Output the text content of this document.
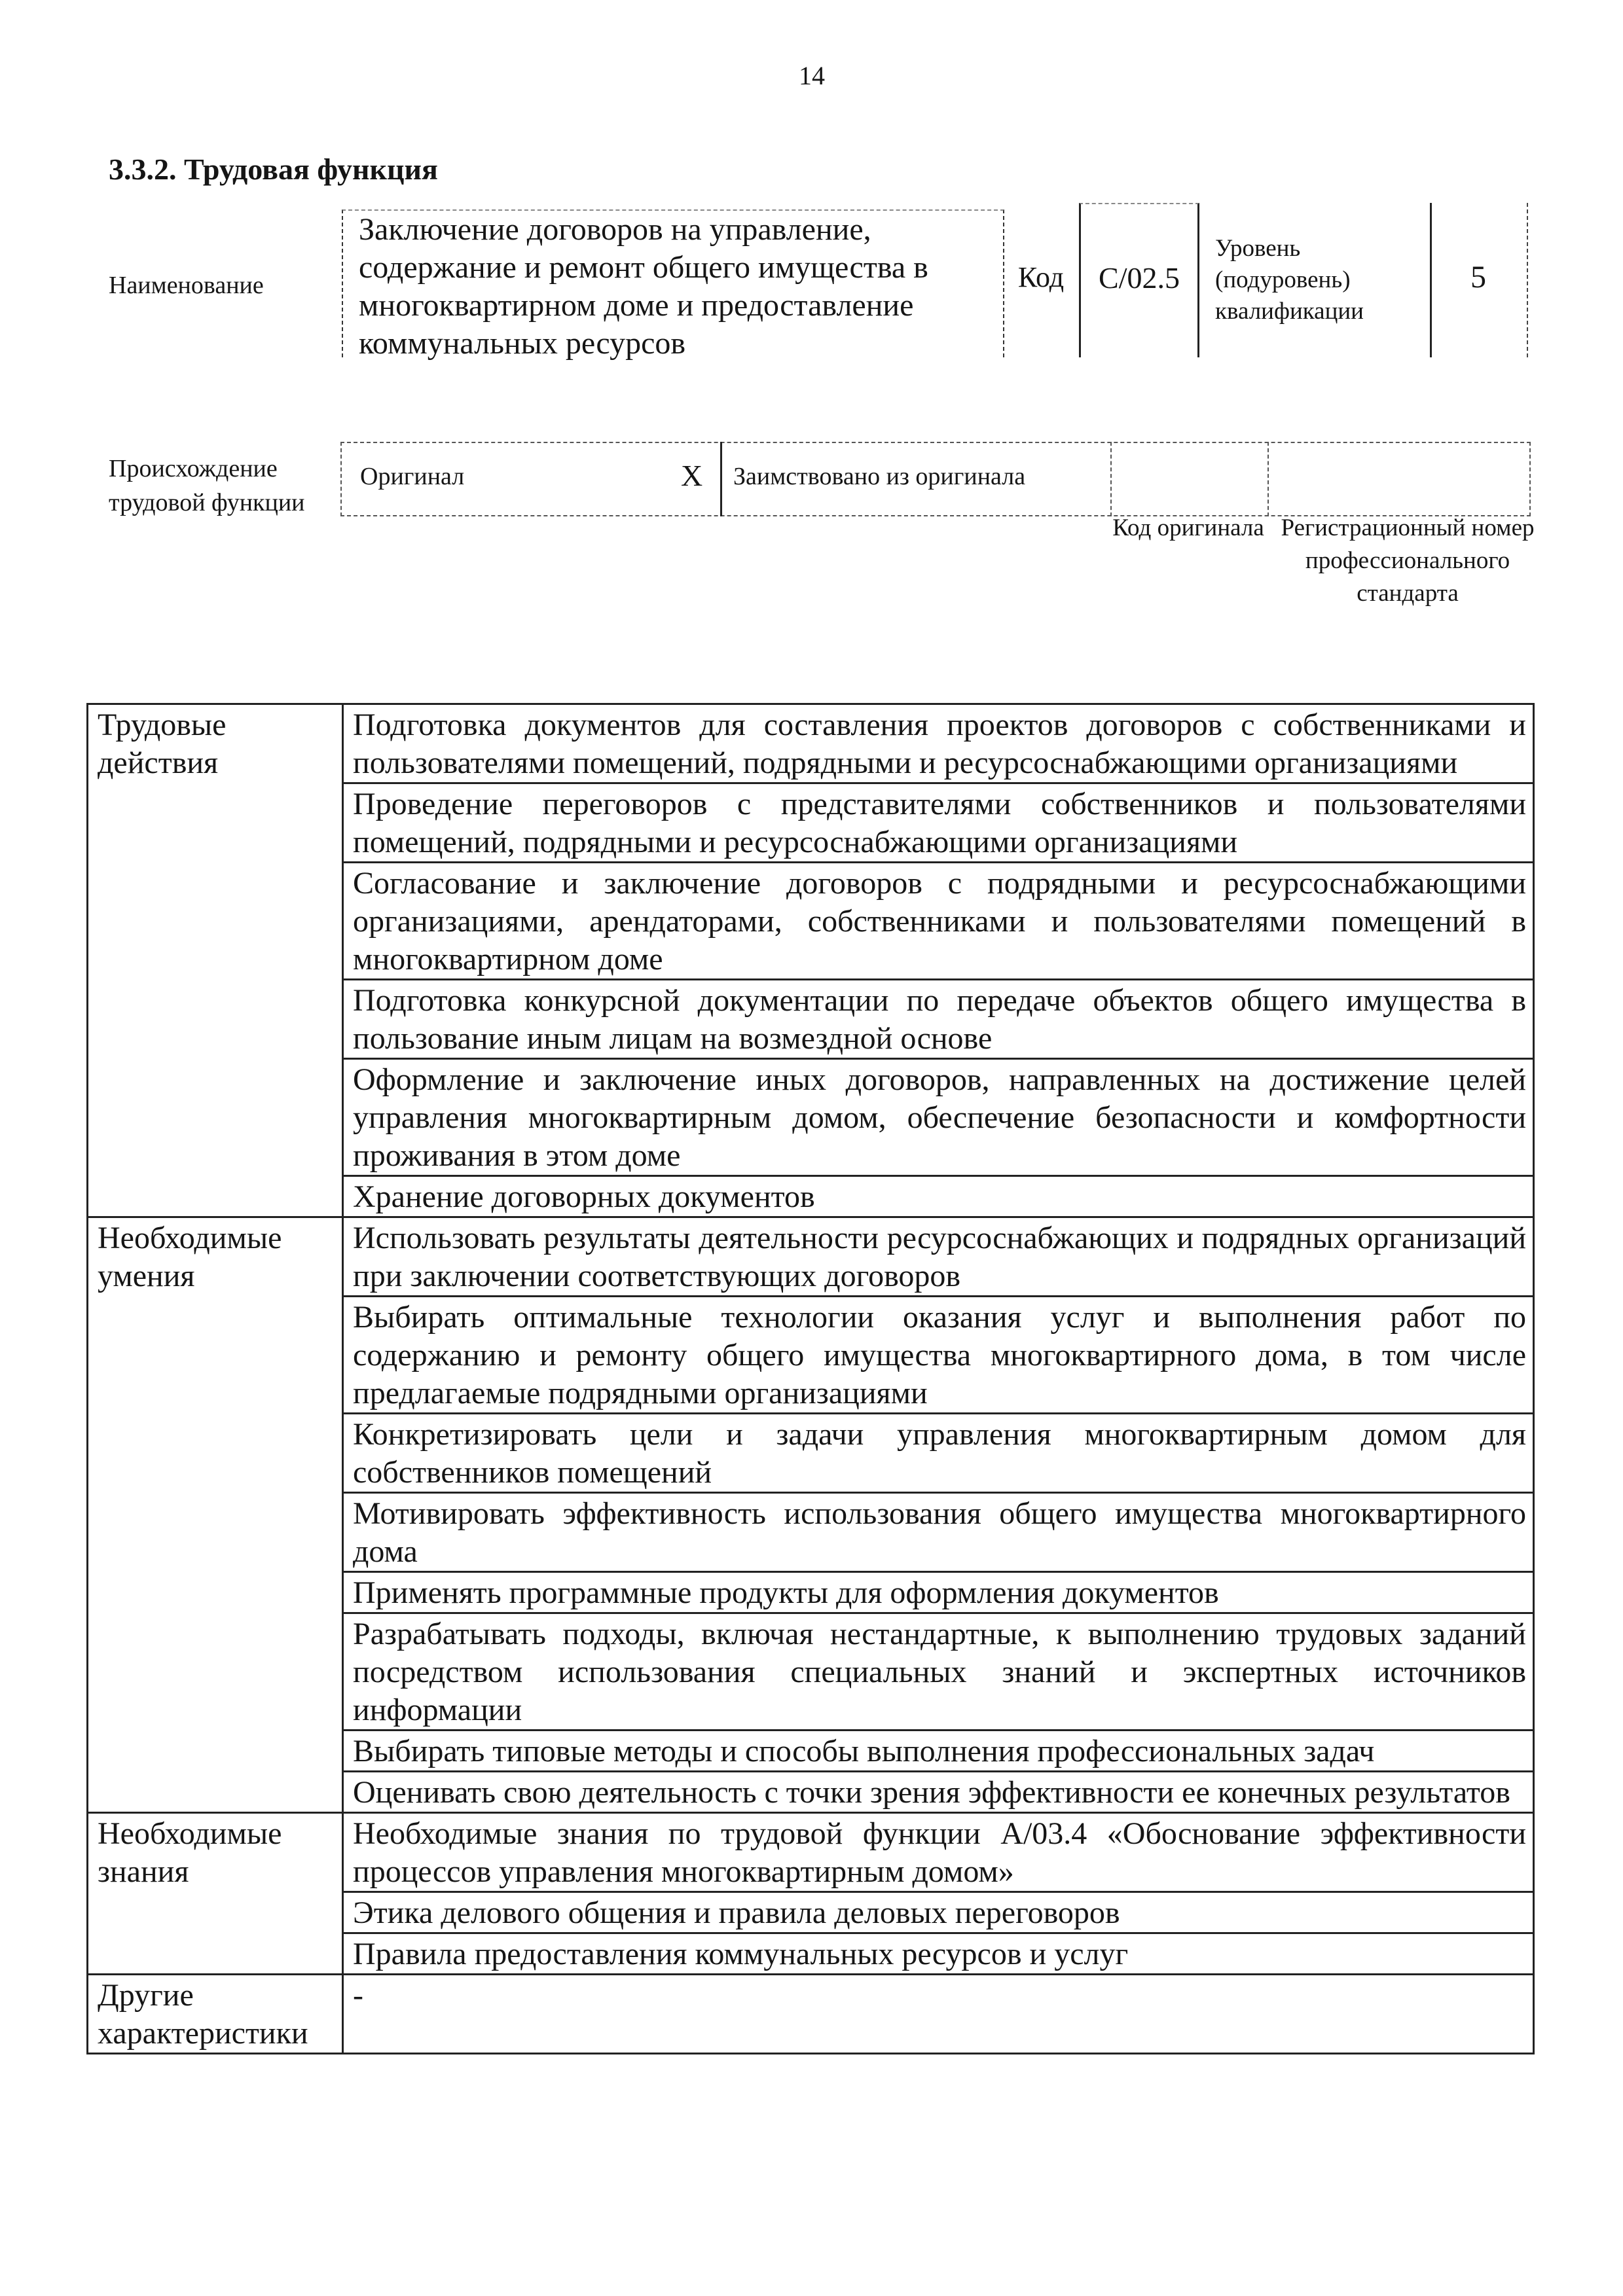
14
3.3.2. Трудовая функция
Наименование
Заключение договоров на управление, содержание и ремонт общего имущества в многоквартирном доме и предоставление коммунальных ресурсов
Код	С/02.5
Уровень (подуровень) квалификации
5
Происхождение трудовой функции
Оригинал	X Заимствовано из оригинала
Код оригинала Регистрационный номер профессионального стандарта
Трудовые действия	Подготовка документов для составления проектов договоров с собственниками и пользователями помещений, подрядными и ресурсоснабжающими организациями
	Проведение переговоров с представителями собственников и пользователями помещений, подрядными и ресурсоснабжающими организациями
	Согласование и заключение договоров с подрядными и ресурсоснабжающими организациями, арендаторами, собственниками и пользователями помещений в многоквартирном доме
	Подготовка конкурсной документации по передаче объектов общего имущества в пользование иным лицам на возмездной основе
	Оформление и заключение иных договоров, направленных на достижение целей управления многоквартирным домом, обеспечение безопасности и комфортности проживания в этом доме
	Хранение договорных документов
Необходимые умения	Использовать результаты деятельности ресурсоснабжающих и подрядных организаций при заключении соответствующих договоров
	Выбирать оптимальные технологии оказания услуг и выполнения работ по содержанию и ремонту общего имущества многоквартирного дома, в том числе предлагаемые подрядными организациями
	Конкретизировать цели и задачи управления многоквартирным домом для собственников помещений
	Мотивировать эффективность использования общего имущества многоквартирного дома
	Применять программные продукты для оформления документов
	Разрабатывать подходы, включая нестандартные, к выполнению трудовых заданий посредством использования специальных знаний и экспертных источников информации
	Выбирать типовые методы и способы выполнения профессиональных задач
	Оценивать свою деятельность с точки зрения эффективности ее конечных результатов
Необходимые знания	Необходимые знания по трудовой функции А/03.4 «Обоснование эффективности процессов управления многоквартирным домом»
	Этика делового общения и правила деловых переговоров
	Правила предоставления коммунальных ресурсов и услуг
Другие характеристики	-
